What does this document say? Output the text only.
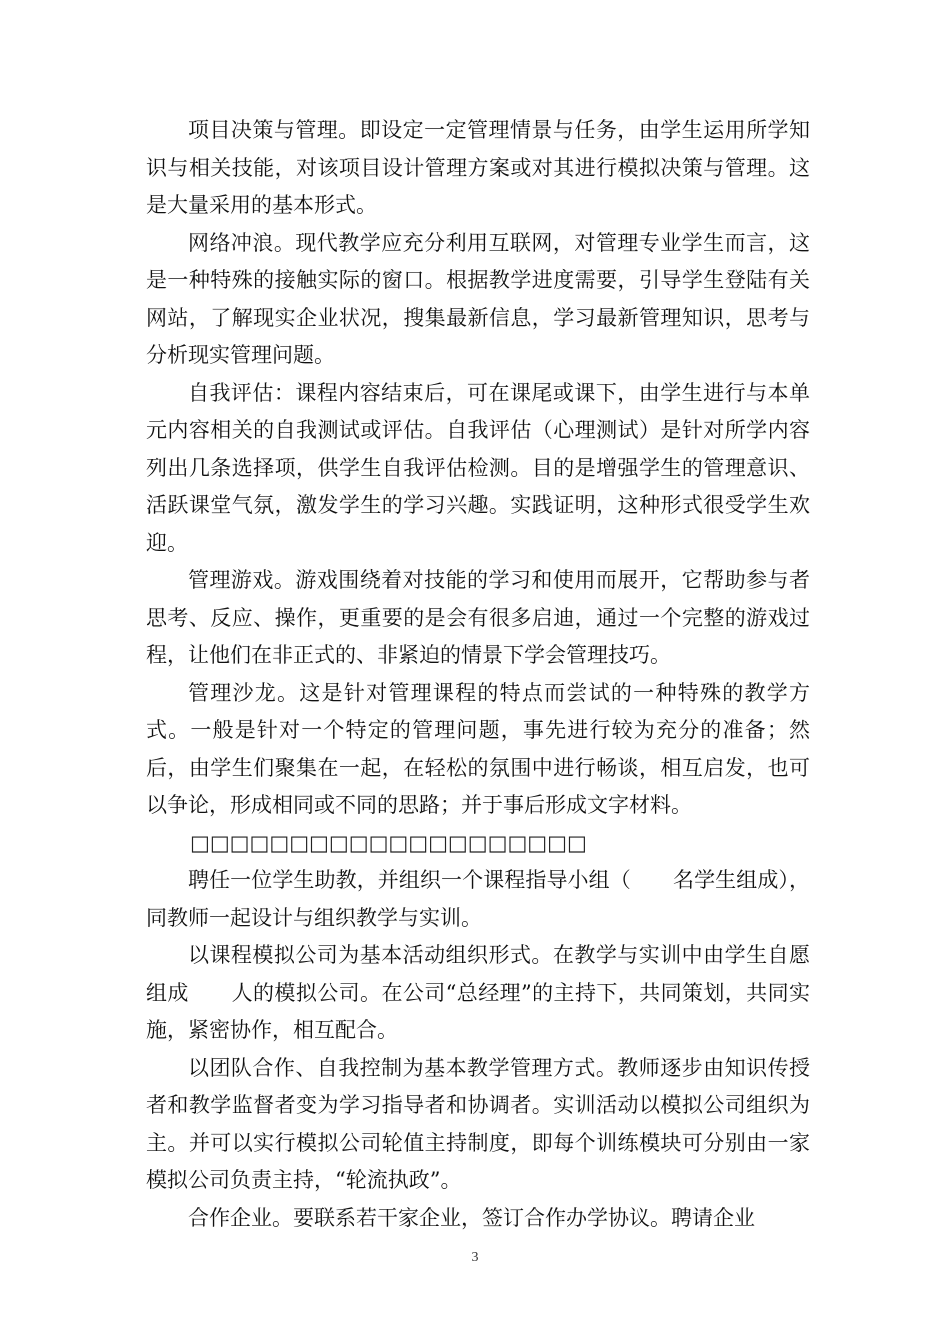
项目决策与管理。即设定一定管理情景与任务，由学生运用所学知识与相关技能，对该项目设计管理方案或对其进行模拟决策与管理。这是大量采用的基本形式。

网络冲浪。现代教学应充分利用互联网，对管理专业学生而言，这是一种特殊的接触实际的窗口。根据教学进度需要，引导学生登陆有关网站，了解现实企业状况，搜集最新信息，学习最新管理知识，思考与分析现实管理问题。

自我评估：课程内容结束后，可在课尾或课下，由学生进行与本单元内容相关的自我测试或评估。自我评估（心理测试）是针对所学内容列出几条选择项，供学生自我评估检测。目的是增强学生的管理意识、活跃课堂气氛，激发学生的学习兴趣。实践证明，这种形式很受学生欢迎。

管理游戏。游戏围绕着对技能的学习和使用而展开，它帮助参与者思考、反应、操作，更重要的是会有很多启迪，通过一个完整的游戏过程，让他们在非正式的、非紧迫的情景下学会管理技巧。

管理沙龙。这是针对管理课程的特点而尝试的一种特殊的教学方式。一般是针对一个特定的管理问题，事先进行较为充分的准备；然后，由学生们聚集在一起，在轻松的氛围中进行畅谈，相互启发，也可以争论，形成相同或不同的思路；并于事后形成文字材料。

□□□□□□□□□□□□□□□□□□□□

聘任一位学生助教，并组织一个课程指导小组（　　名学生组成），同教师一起设计与组织教学与实训。

以课程模拟公司为基本活动组织形式。在教学与实训中由学生自愿组成　　人的模拟公司。在公司“总经理”的主持下，共同策划，共同实施，紧密协作，相互配合。

以团队合作、自我控制为基本教学管理方式。教师逐步由知识传授者和教学监督者变为学习指导者和协调者。实训活动以模拟公司组织为主。并可以实行模拟公司轮值主持制度，即每个训练模块可分别由一家模拟公司负责主持，“轮流执政”。

合作企业。要联系若干家企业，签订合作办学协议。聘请企业

3
